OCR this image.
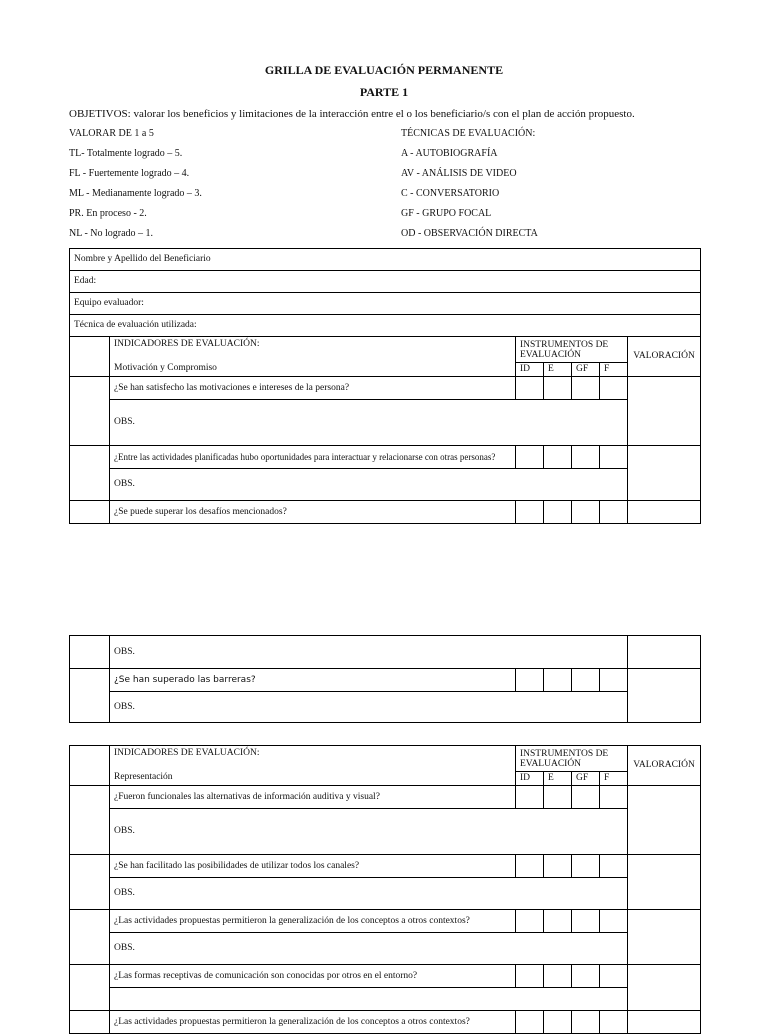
GRILLA DE EVALUACIÓN PERMANENTE
PARTE 1
OBJETIVOS: valorar los beneficios y limitaciones de la interacción entre el o los beneficiario/s con el plan de acción propuesto.
VALORAR DE 1 a 5
TL- Totalmente logrado – 5.
FL - Fuertemente logrado – 4.
ML - Medianamente logrado – 3.
PR. En proceso - 2.
NL - No logrado – 1.
TÉCNICAS DE EVALUACIÓN:
A - AUTOBIOGRAFÍA
AV - ANÁLISIS DE VIDEO
C - CONVERSATORIO
GF - GRUPO FOCAL
OD - OBSERVACIÓN DIRECTA
Nombre y Apellido del Beneficiario						
Edad:						
Equipo evaluador:						
Técnica de evaluación utilizada:						

	INDICADORES DE EVALUACIÓN:
Motivación y Compromiso	INSTRUMENTOS DE EVALUACIÓN				VALORACIÓN
		ID	E	GF	F	
	¿Se han satisfecho las motivaciones e intereses de la persona?					
	OBS.					
	¿Entre las actividades planificadas hubo oportunidades para interactuar y relacionarse con otras personas?					
	OBS.					
	¿Se puede superar los desafíos mencionados?					
	OBS.					
	¿Se han superado las barreras?					
	OBS.					

	INDICADORES DE EVALUACIÓN:
Representación	INSTRUMENTOS DE EVALUACIÓN				VALORACIÓN
		ID	E	GF	F	
	¿Fueron funcionales las alternativas de información auditiva y visual?					
	OBS.					
	¿Se han facilitado las posibilidades de utilizar todos los canales?					
	OBS.					
	¿Las actividades propuestas permitieron la generalización de los conceptos a otros contextos?					
	OBS.					
	¿Las formas receptivas de comunicación son conocidas por otros en el entorno?					

	¿Las actividades propuestas permitieron la generalización de los conceptos a otros contextos?					
